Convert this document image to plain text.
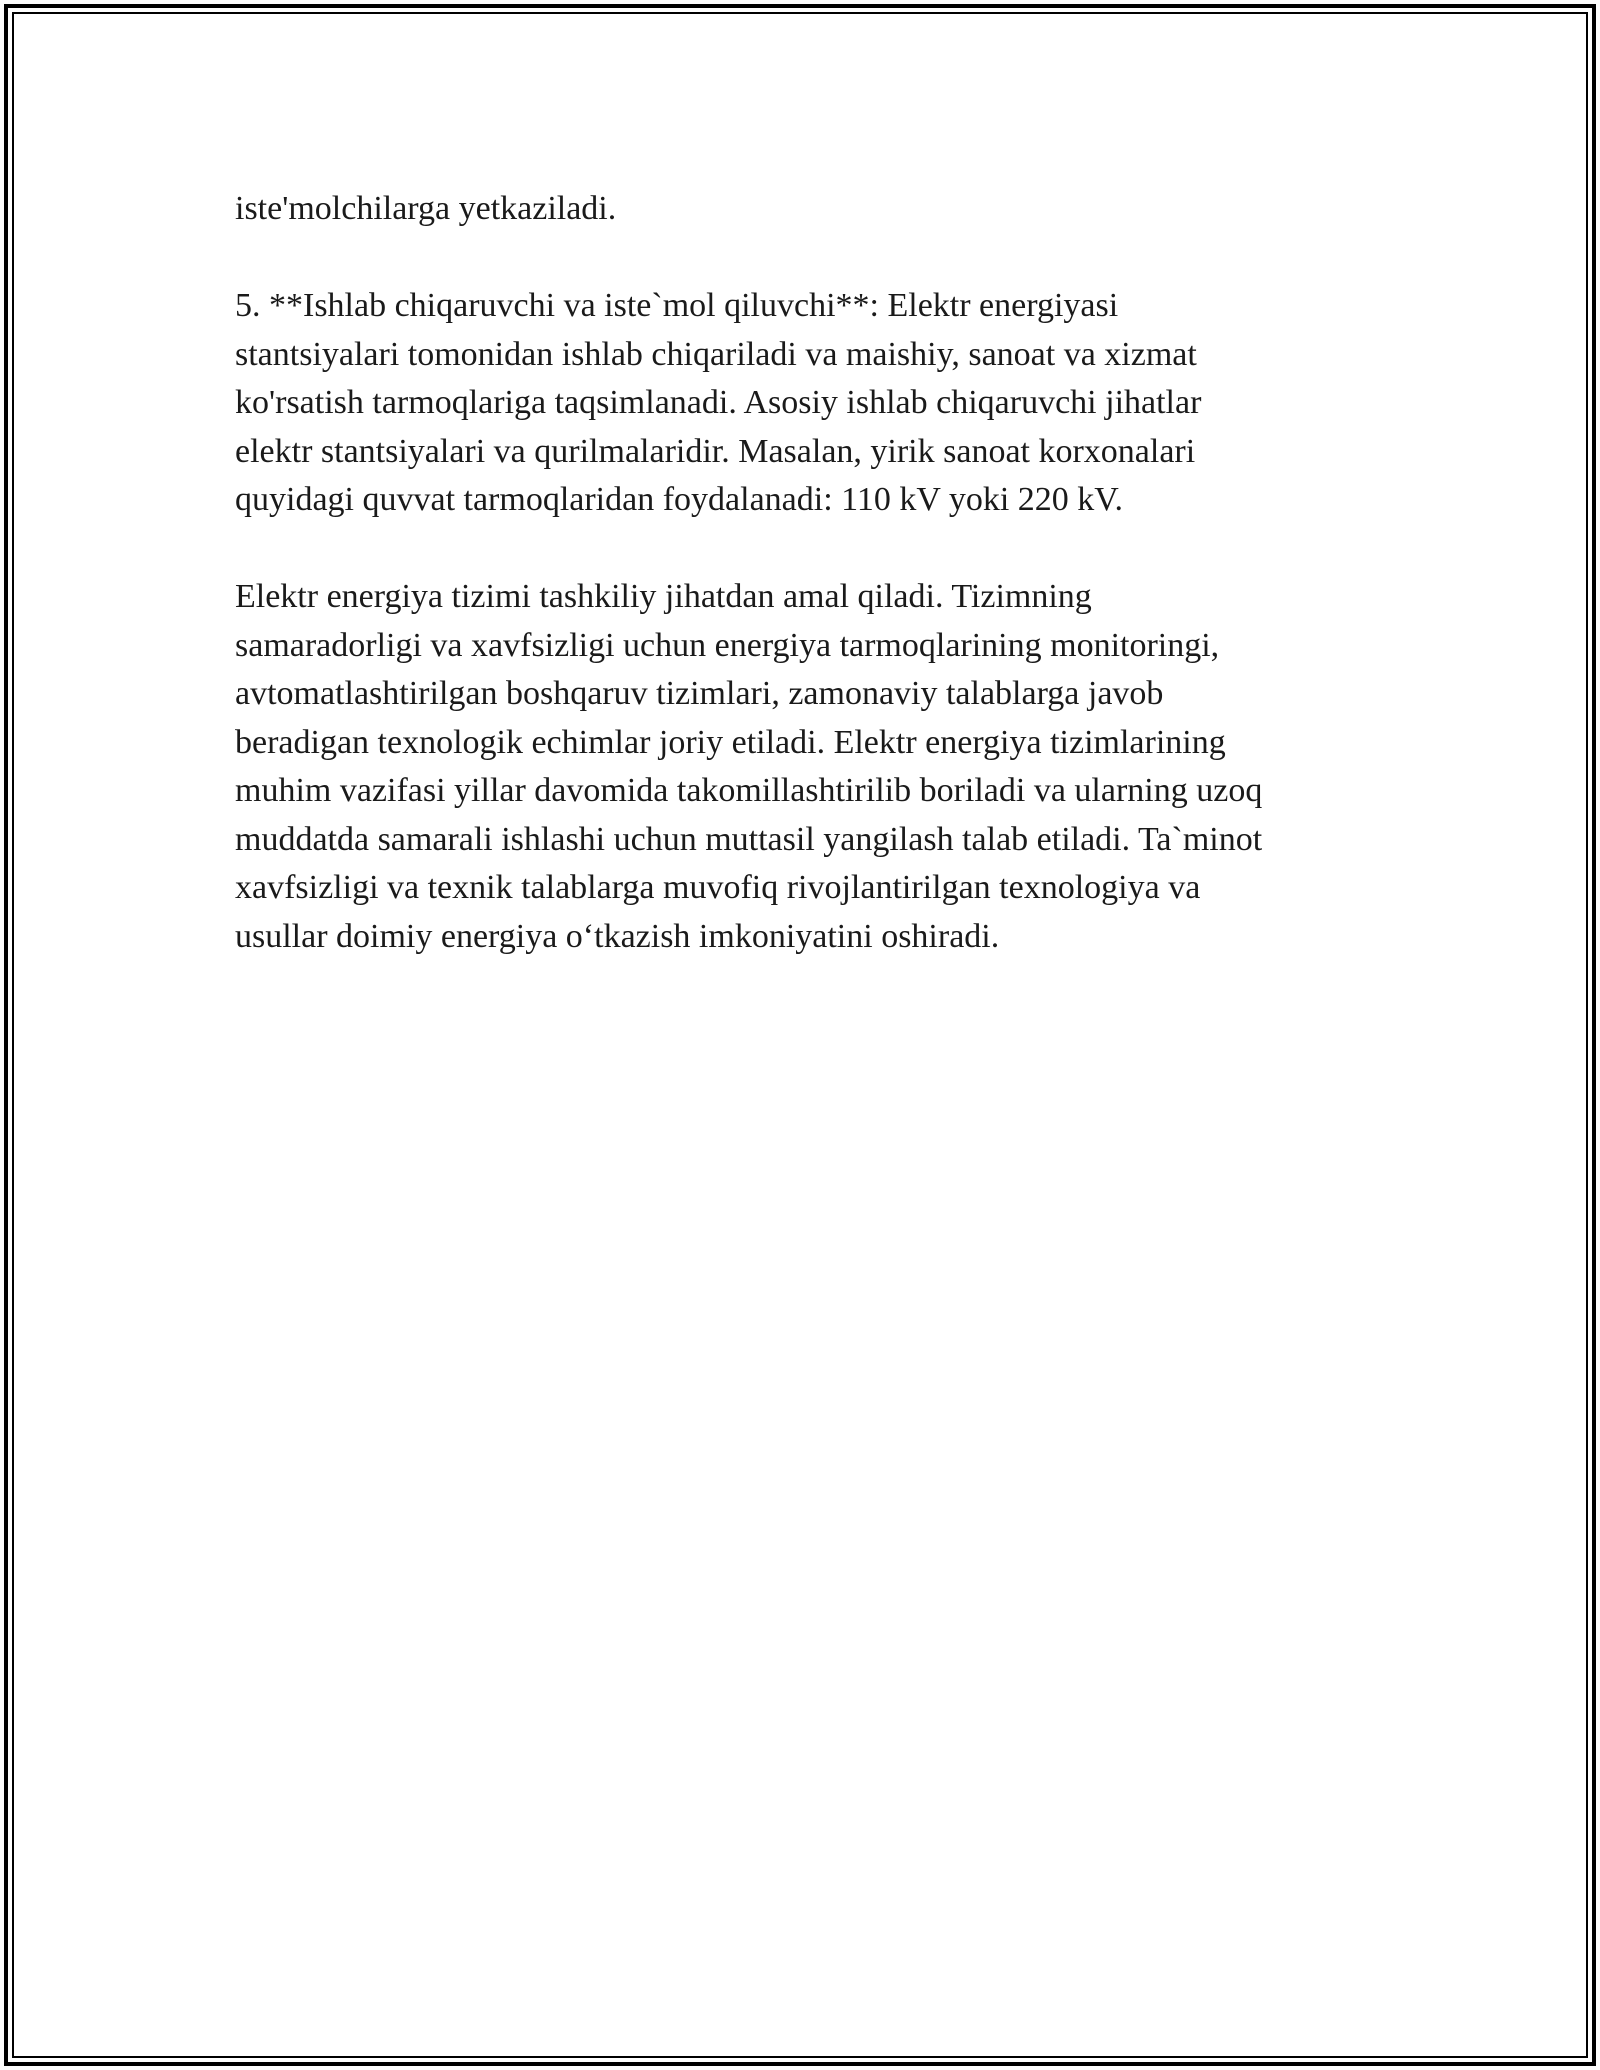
iste'molchilarga yetkaziladi.

5. **Ishlab chiqaruvchi va iste`mol qiluvchi**: Elektr energiyasi
stantsiyalari tomonidan ishlab chiqariladi va maishiy, sanoat va xizmat
ko'rsatish tarmoqlariga taqsimlanadi. Asosiy ishlab chiqaruvchi jihatlar
elektr stantsiyalari va qurilmalaridir. Masalan, yirik sanoat korxonalari
quyidagi quvvat tarmoqlaridan foydalanadi: 110 kV yoki 220 kV.

Elektr energiya tizimi tashkiliy jihatdan amal qiladi. Tizimning
samaradorligi va xavfsizligi uchun energiya tarmoqlarining monitoringi,
avtomatlashtirilgan boshqaruv tizimlari, zamonaviy talablarga javob
beradigan texnologik echimlar joriy etiladi. Elektr energiya tizimlarining
muhim vazifasi yillar davomida takomillashtirilib boriladi va ularning uzoq
muddatda samarali ishlashi uchun muttasil yangilash talab etiladi. Ta`minot
xavfsizligi va texnik talablarga muvofiq rivojlantirilgan texnologiya va
usullar doimiy energiya o‘tkazish imkoniyatini oshiradi.
